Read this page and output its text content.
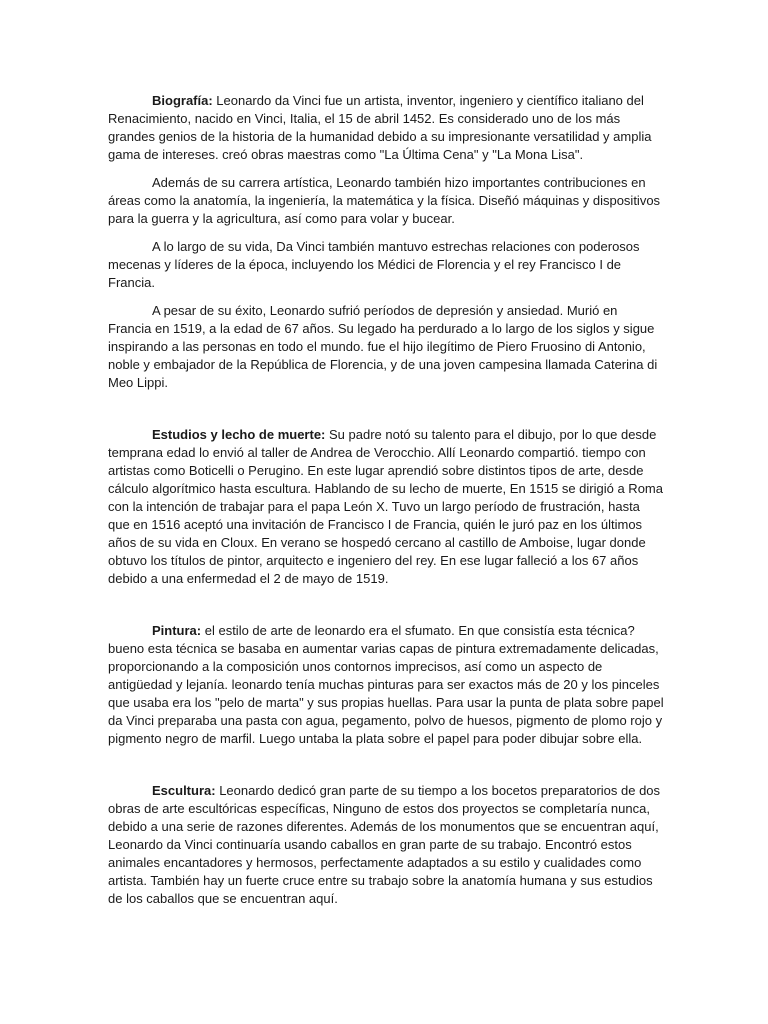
Biografía: Leonardo da Vinci fue un artista, inventor, ingeniero y científico italiano del Renacimiento, nacido en Vinci, Italia, el 15 de abril 1452. Es considerado uno de los más grandes genios de la historia de la humanidad debido a su impresionante versatilidad y amplia gama de intereses. creó obras maestras como "La Última Cena" y "La Mona Lisa".

Además de su carrera artística, Leonardo también hizo importantes contribuciones en áreas como la anatomía, la ingeniería, la matemática y la física. Diseñó máquinas y dispositivos para la guerra y la agricultura, así como para volar y bucear.

A lo largo de su vida, Da Vinci también mantuvo estrechas relaciones con poderosos mecenas y líderes de la época, incluyendo los Médici de Florencia y el rey Francisco I de Francia.

A pesar de su éxito, Leonardo sufrió períodos de depresión y ansiedad. Murió en Francia en 1519, a la edad de 67 años. Su legado ha perdurado a lo largo de los siglos y sigue inspirando a las personas en todo el mundo. fue el hijo ilegítimo de Piero Fruosino di Antonio, noble y embajador de la República de Florencia, y de una joven campesina llamada Caterina di Meo Lippi.

Estudios y lecho de muerte: Su padre notó su talento para el dibujo, por lo que desde temprana edad lo envió al taller de Andrea de Verocchio. Allí Leonardo compartió. tiempo con artistas como Boticelli o Perugino. En este lugar aprendió sobre distintos tipos de arte, desde cálculo algorítmico hasta escultura. Hablando de su lecho de muerte, En 1515 se dirigió a Roma con la intención de trabajar para el papa León X. Tuvo un largo período de frustración, hasta que en 1516 aceptó una invitación de Francisco I de Francia, quién le juró paz en los últimos años de su vida en Cloux. En verano se hospedó cercano al castillo de Amboise, lugar donde obtuvo los títulos de pintor, arquitecto e ingeniero del rey. En ese lugar falleció a los 67 años debido a una enfermedad el 2 de mayo de 1519.

Pintura: el estilo de arte de leonardo era el sfumato. En que consistía esta técnica? bueno esta técnica se basaba en aumentar varias capas de pintura extremadamente delicadas, proporcionando a la composición unos contornos imprecisos, así como un aspecto de antigüedad y lejanía. leonardo tenía muchas pinturas para ser exactos más de 20 y los pinceles que usaba era los "pelo de marta" y sus propias huellas. Para usar la punta de plata sobre papel da Vinci preparaba una pasta con agua, pegamento, polvo de huesos, pigmento de plomo rojo y pigmento negro de marfil. Luego untaba la plata sobre el papel para poder dibujar sobre ella.

Escultura: Leonardo dedicó gran parte de su tiempo a los bocetos preparatorios de dos obras de arte escultóricas específicas, Ninguno de estos dos proyectos se completaría nunca, debido a una serie de razones diferentes. Además de los monumentos que se encuentran aquí, Leonardo da Vinci continuaría usando caballos en gran parte de su trabajo. Encontró estos animales encantadores y hermosos, perfectamente adaptados a su estilo y cualidades como artista. También hay un fuerte cruce entre su trabajo sobre la anatomía humana y sus estudios de los caballos que se encuentran aquí.
